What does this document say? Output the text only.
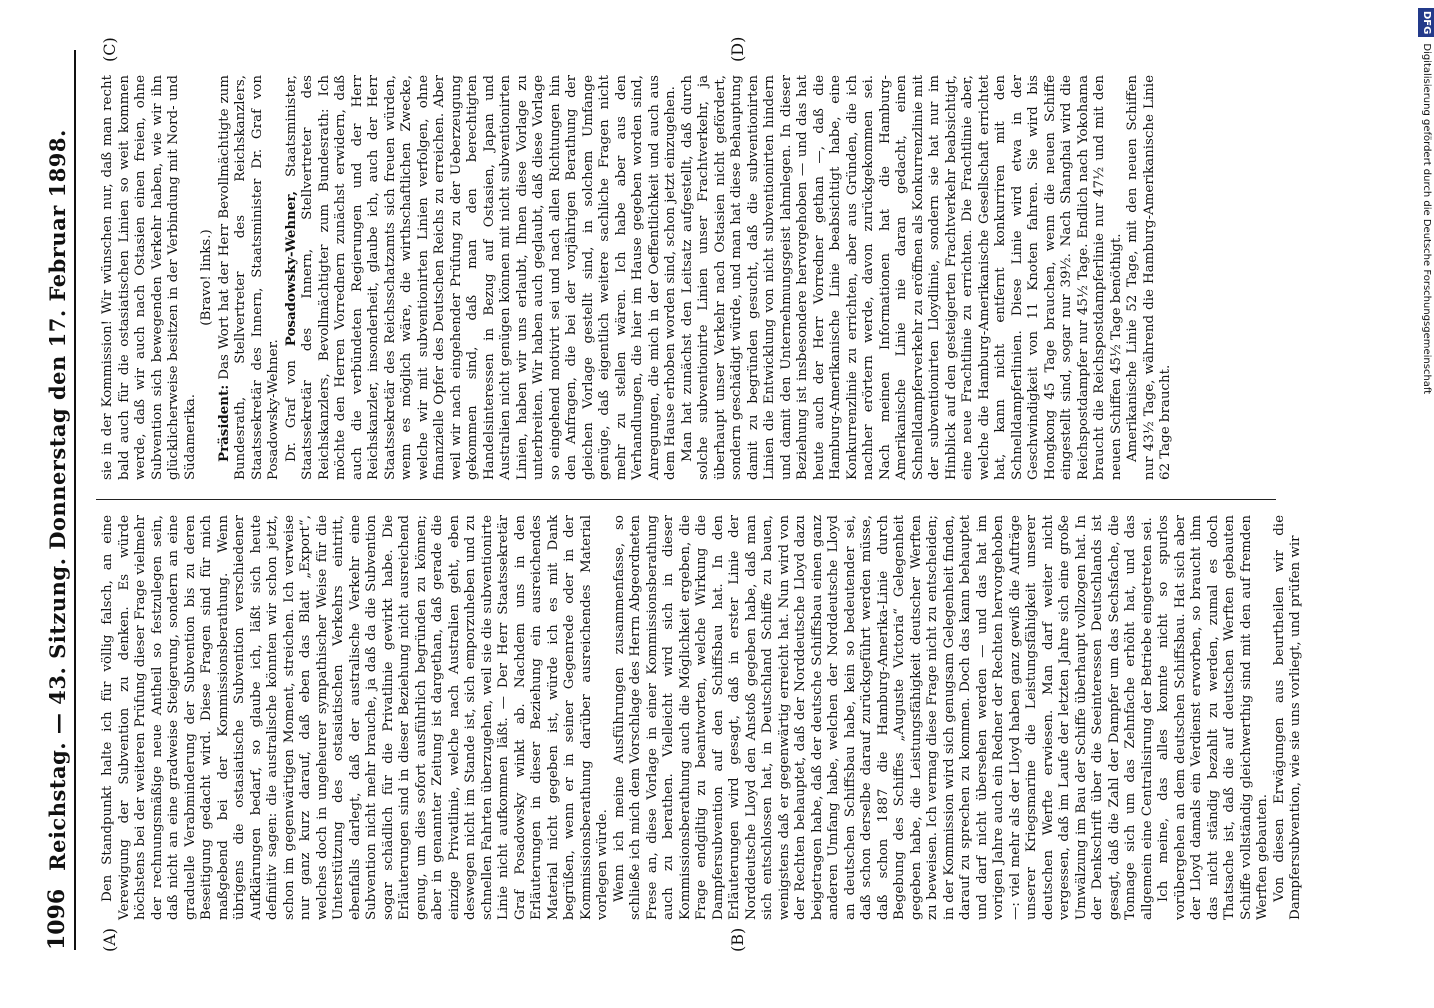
1096
Reichstag. — 43. Sitzung. Donnerstag den 17. Februar 1898.
(A)	(B)
(C)	(D)

Den Standpunkt halte ich für völlig falsch, an eine Verewigung der Subvention zu denken. Es würde höchstens bei der weiteren Prüfung dieser Frage vielmehr der rechnungsmäßige neue Antheil so festzulegen sein, daß nicht an eine gradweise Steigerung, sondern an eine graduelle Verabminderung der Subvention bis zu deren Beseitigung gedacht wird. Diese Fragen sind für mich maßgebend bei der Kommissionsberathung. Wenn übrigens die ostasiatische Subvention verschiedener Aufklärungen bedarf, so glaube ich, läßt sich heute definitiv sagen: die australische könnten wir schon jetzt, schon im gegenwärtigen Moment, streichen. Ich verweise nur ganz kurz darauf, daß eben das Blatt „Export“, welches doch in ungeheurer sympathischer Weise für die Unterstützung des ostasiatischen Verkehrs eintritt, ebenfalls darlegt, daß der australische Verkehr eine Subvention nicht mehr brauche, ja daß da die Subvention sogar schädlich für die Privatlinie gewirkt habe. Die Erläuterungen sind in dieser Beziehung nicht ausreichend genug, um dies sofort ausführlich begründen zu können; aber in genannter Zeitung ist dargethan, daß gerade die einzige Privatlinie, welche nach Australien geht, eben deswegen nicht im Stande ist, sich emporzuheben und zu schnellen Fahrten überzugehen, weil sie die subventionirte Linie nicht aufkommen läßt. — Der Herr Staatssekretär Graf Posadowsky winkt ab. Nachdem uns in den Erläuterungen in dieser Beziehung ein ausreichendes Material nicht gegeben ist, würde ich es mit Dank begrüßen, wenn er in seiner Gegenrede oder in der Kommissionsberathung darüber ausreichendes Material vorlegen würde. Wenn ich meine Ausführungen zusammenfasse, so schließe ich mich dem Vorschlage des Herrn Abgeordneten Frese an, diese Vorlage in einer Kommissionsberathung auch zu berathen. Vielleicht wird sich in dieser Kommissionsberathung auch die Möglichkeit ergeben, die Frage endgiltig zu beantworten, welche Wirkung die Dampfersubvention auf den Schiffsbau hat. In den Erläuterungen wird gesagt, daß in erster Linie der Norddeutsche Lloyd den Anstoß gegeben habe, daß man sich entschlossen hat, in Deutschland Schiffe zu bauen, wenigstens daß er gegenwärtig erreicht hat. Nun wird von der Rechten behauptet, daß der Norddeutsche Lloyd dazu beigetragen habe, daß der deutsche Schiffsbau einen ganz anderen Umfang habe, welchen der Norddeutsche Lloyd an deutschen Schiffsbau habe, kein so bedeutender sei, daß schon derselbe darauf zurückgeführt werden müsse, daß schon 1887 die Hamburg-Amerika-Linie durch Begebung des Schiffes „Auguste Victoria“ Gelegenheit gegeben habe, die Leistungsfähigkeit deutscher Werften zu beweisen. Ich vermag diese Frage nicht zu entscheiden; in der Kommission wird sich genugsam Gelegenheit finden, darauf zu sprechen zu kommen. Doch das kann behauptet und darf nicht übersehen werden — und das hat im vorigen Jahre auch ein Redner der Rechten hervorgehoben —: viel mehr als der Lloyd haben ganz gewiß die Aufträge unserer Kriegsmarine die Leistungsfähigkeit unserer deutschen Werfte erwiesen. Man darf weiter nicht vergessen, daß im Laufe der letzten Jahre sich eine große Umwälzung im Bau der Schiffe überhaupt vollzogen hat. In der Denkschrift über die Seeinteressen Deutschlands ist gesagt, daß die Zahl der Dampfer um das Sechsfache, die Tonnage sich um das Zehnfache erhöht hat, und das allgemein eine Centralisirung der Betriebe eingetreten sei. Ich meine, das alles konnte nicht so spurlos vorübergehen an dem deutschen Schiffsbau. Hat sich aber der Lloyd damals ein Verdienst erworben, so braucht ihm das nicht ständig bezahlt zu werden, zumal es doch Thatsache ist, daß die auf deutschen Werften gebauten Schiffe vollständig gleichwerthig sind mit den auf fremden Werften gebauten. Von diesen Erwägungen aus beurtheilen wir die Dampfersubvention, wie sie uns vorliegt, und prüfen wir

sie in der Kommission! Wir wünschen nur, daß man recht bald auch für die ostasiatischen Linien so weit kommen werde, daß wir auch nach Ostasien einen freien, ohne Subvention sich bewegenden Verkehr haben, wie wir ihn glücklicherweise besitzen in der Verbindung mit Nord- und Südamerika.

(Bravo! links.)

Präsident: Das Wort hat der Herr Bevollmächtigte zum Bundesrath, Stellvertreter des Reichskanzlers, Staatssekretär des Innern, Staatsminister Dr. Graf von Posadowsky-Wehner. Dr. Graf von Posadowsky-Wehner, Staatsminister, Staatssekretär des Innern, Stellvertreter des Reichskanzlers, Bevollmächtigter zum Bundesrath: Ich möchte den Herren Vorrednern zunächst erwidern, daß auch die verbündeten Regierungen und der Herr Reichskanzler, insonderheit, glaube ich, auch der Herr Staatssekretär des Reichsschatzamts sich freuen würden, wenn es möglich wäre, die wirthschaftlichen Zwecke, welche wir mit subventionirten Linien verfolgen, ohne finanzielle Opfer des Deutschen Reichs zu erreichen. Aber weil wir nach eingehender Prüfung zu der Ueberzeugung gekommen sind, daß man den berechtigten Handelsinteressen in Bezug auf Ostasien, Japan und Australien nicht genügen können mit nicht subventionirten Linien, haben wir uns erlaubt, Ihnen diese Vorlage zu unterbreiten. Wir haben auch geglaubt, daß diese Vorlage so eingehend motivirt sei und nach allen Richtungen hin den Anfragen, die bei der vorjährigen Berathung der gleichen Vorlage gestellt sind, in solchem Umfange genüge, daß eigentlich weitere sachliche Fragen nicht mehr zu stellen wären. Ich habe aber aus den Verhandlungen, die hier im Hause gegeben worden sind, Anregungen, die mich in der Oeffentlichkeit und auch aus dem Hause erhoben worden sind, schon jetzt einzugehen. Man hat zunächst den Leitsatz aufgestellt, daß durch solche subventionirte Linien unser Frachtverkehr, ja überhaupt unser Verkehr nach Ostasien nicht gefördert, sondern geschädigt würde, und man hat diese Behauptung damit zu begründen gesucht, daß die subventionirten Linien die Entwicklung von nicht subventionirten hindern und damit den Unternehmungsgeist lahmlegen. In dieser Beziehung ist insbesondere hervorgehoben — und das hat heute auch der Herr Vorredner gethan —, daß die Hamburg-Amerikanische Linie beabsichtigt habe, eine Konkurrenzlinie zu errichten, aber aus Gründen, die ich nachher erörtern werde, davon zurückgekommen sei. Nach meinen Informationen hat die Hamburg-Amerikanische Linie nie daran gedacht, einen Schnelldampferverkehr zu eröffnen als Konkurrenzlinie mit der subventionirten Lloydlinie, sondern sie hat nur im Hinblick auf den gesteigerten Frachtverkehr beabsichtigt, eine neue Frachtlinie zu errichten. Die Frachtlinie aber, welche die Hamburg-Amerikanische Gesellschaft errichtet hat, kann nicht entfernt konkurriren mit den Schnelldampferlinien. Diese Linie wird etwa in der Geschwindigkeit von 11 Knoten fahren. Sie wird bis Hongkong 45 Tage brauchen, wenn die neuen Schiffe eingestellt sind, sogar nur 39½. Nach Shanghai wird die Reichspostdampfer nur 45½ Tage. Endlich nach Yokohama braucht die Reichspostdampferlinie nur 47½ und mit den neuen Schiffen 45½ Tage benöthigt. Amerikanische Linie 52 Tage, mit den neuen Schiffen nur 43½ Tage, während die Hamburg-Amerikanische Linie 62 Tage braucht.

DFGDigitalisierung gefördert durch die Deutsche Forschungsgemeinschaft
